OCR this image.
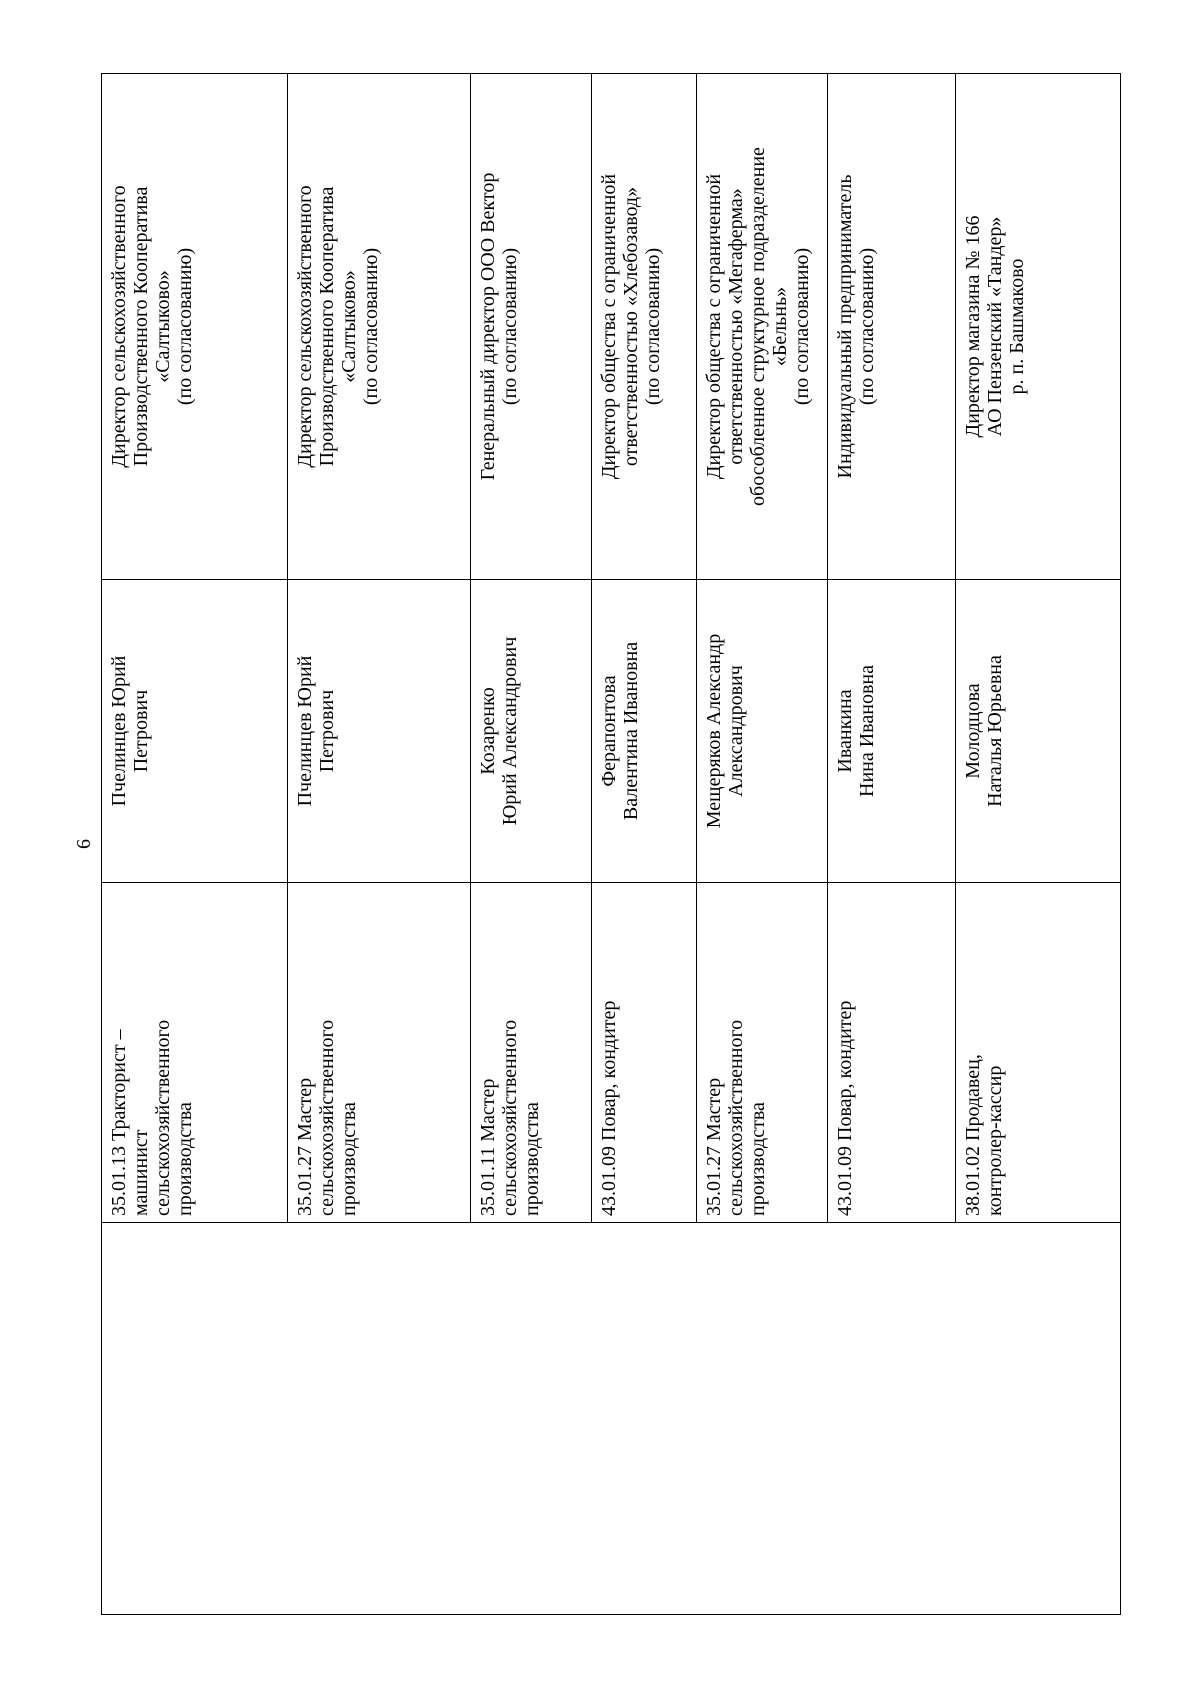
6

	35.01.13 Тракторист – машинист сельскохозяйственного производства	Пчелинцев Юрий Петрович	Директор сельскохозяйственного Производственного Кооператива «Салтыково» (по согласованию)

	35.01.27 Мастер сельскохозяйственного производства	Пчелинцев Юрий Петрович	Директор сельскохозяйственного Производственного Кооператива «Салтыково» (по согласованию)

	35.01.11 Мастер сельскохозяйственного производства	Козаренко Юрий Александрович	Генеральный директор ООО Вектор (по согласованию)

	43.01.09 Повар, кондитер	Ферапонтова Валентина Ивановна	Директор общества с ограниченной ответственностью «Хлебозавод» (по согласованию)

	35.01.27 Мастер сельскохозяйственного производства	Мещеряков Александр Александрович	Директор общества с ограниченной ответственностью «Мегаферма» обособленное структурное подразделение «Бельнь» (по согласованию)

	43.01.09 Повар, кондитер	Иванкина Нина Ивановна	Индивидуальный предприниматель (по согласованию)

	38.01.02 Продавец, контролер-кассир	Молодцова Наталья Юрьевна	Директор магазина № 166 АО Пензенский «Тандер» р. п. Башмаково
